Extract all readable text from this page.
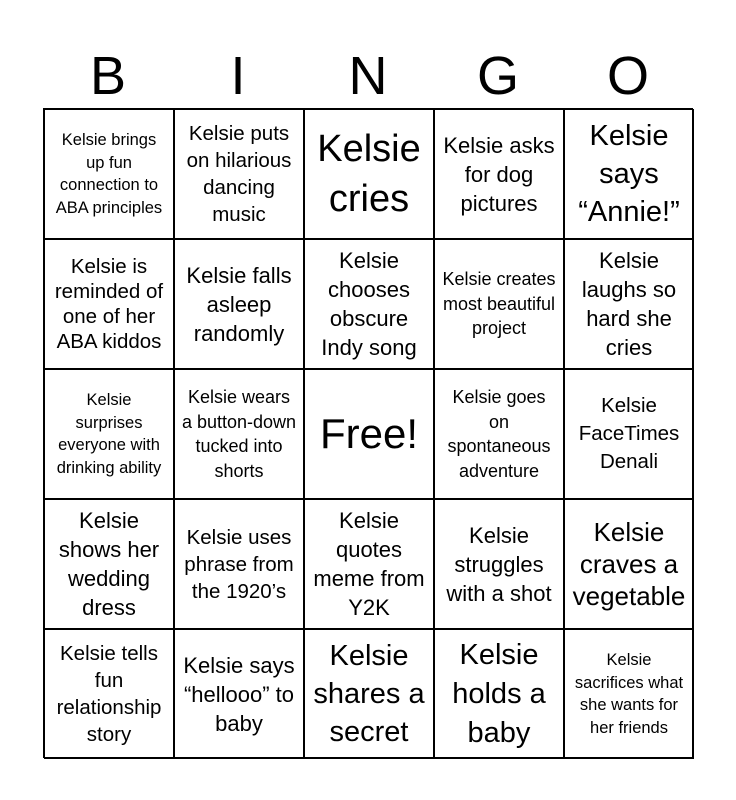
B	I	N	G	O
Kelsie brings up fun connection to ABA principles
Kelsie puts on hilarious dancing music
Kelsie cries
Kelsie asks for dog pictures
Kelsie says “Annie!”
Kelsie is reminded of one of her ABA kiddos
Kelsie falls asleep randomly
Kelsie chooses obscure Indy song
Kelsie creates most beautiful project
Kelsie laughs so hard she cries
Kelsie surprises everyone with drinking ability
Kelsie wears a button-down tucked into shorts
Free!
Kelsie goes on spontaneous adventure
Kelsie FaceTimes Denali
Kelsie shows her wedding dress
Kelsie uses phrase from the 1920’s
Kelsie quotes meme from Y2K
Kelsie struggles with a shot
Kelsie craves a vegetable
Kelsie tells fun relationship story
Kelsie says “hellooo” to baby
Kelsie shares a secret
Kelsie holds a baby
Kelsie sacrifices what she wants for her friends
